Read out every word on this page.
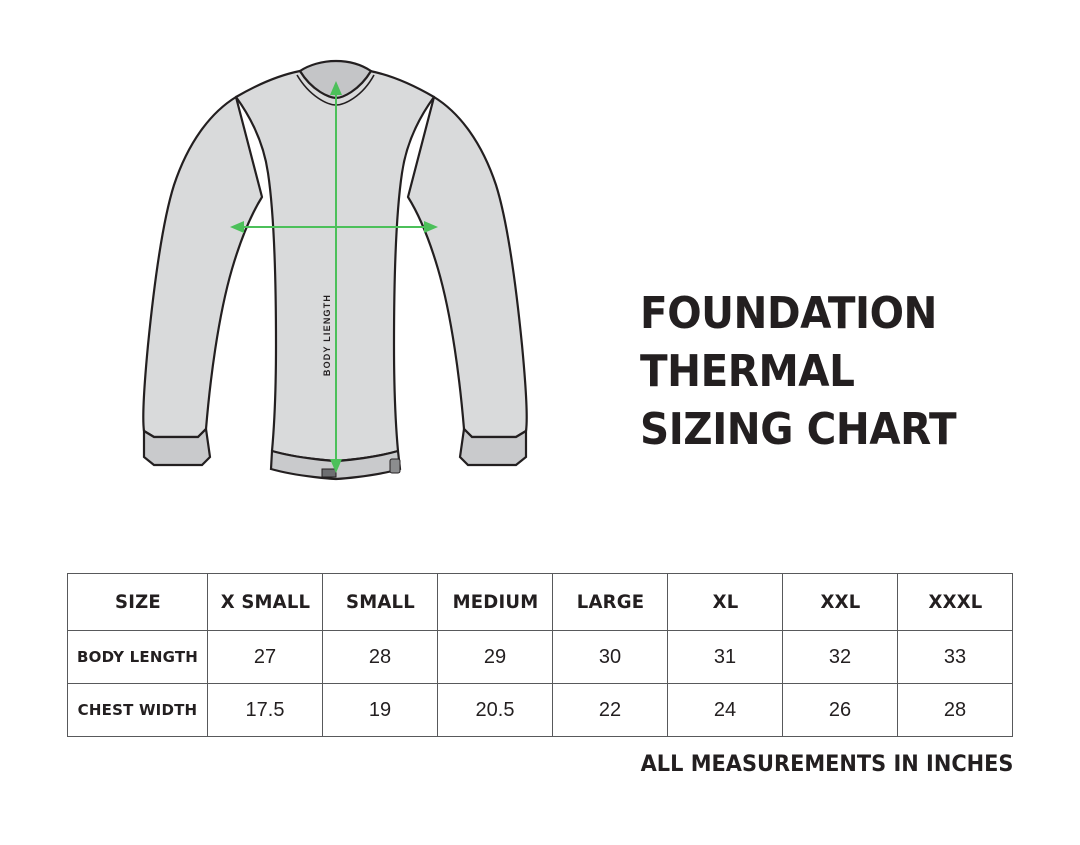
BODY LIENGTH	FOUNDATION
THERMAL
SIZING CHART
SIZE	X SMALL	SMALL	MEDIUM	LARGE	XL	XXL	XXXL
BODY LENGTH	27	28	29	30	31	32	33
CHEST WIDTH	17.5	19	20.5	22	24	26	28
ALL MEASUREMENTS IN INCHES
